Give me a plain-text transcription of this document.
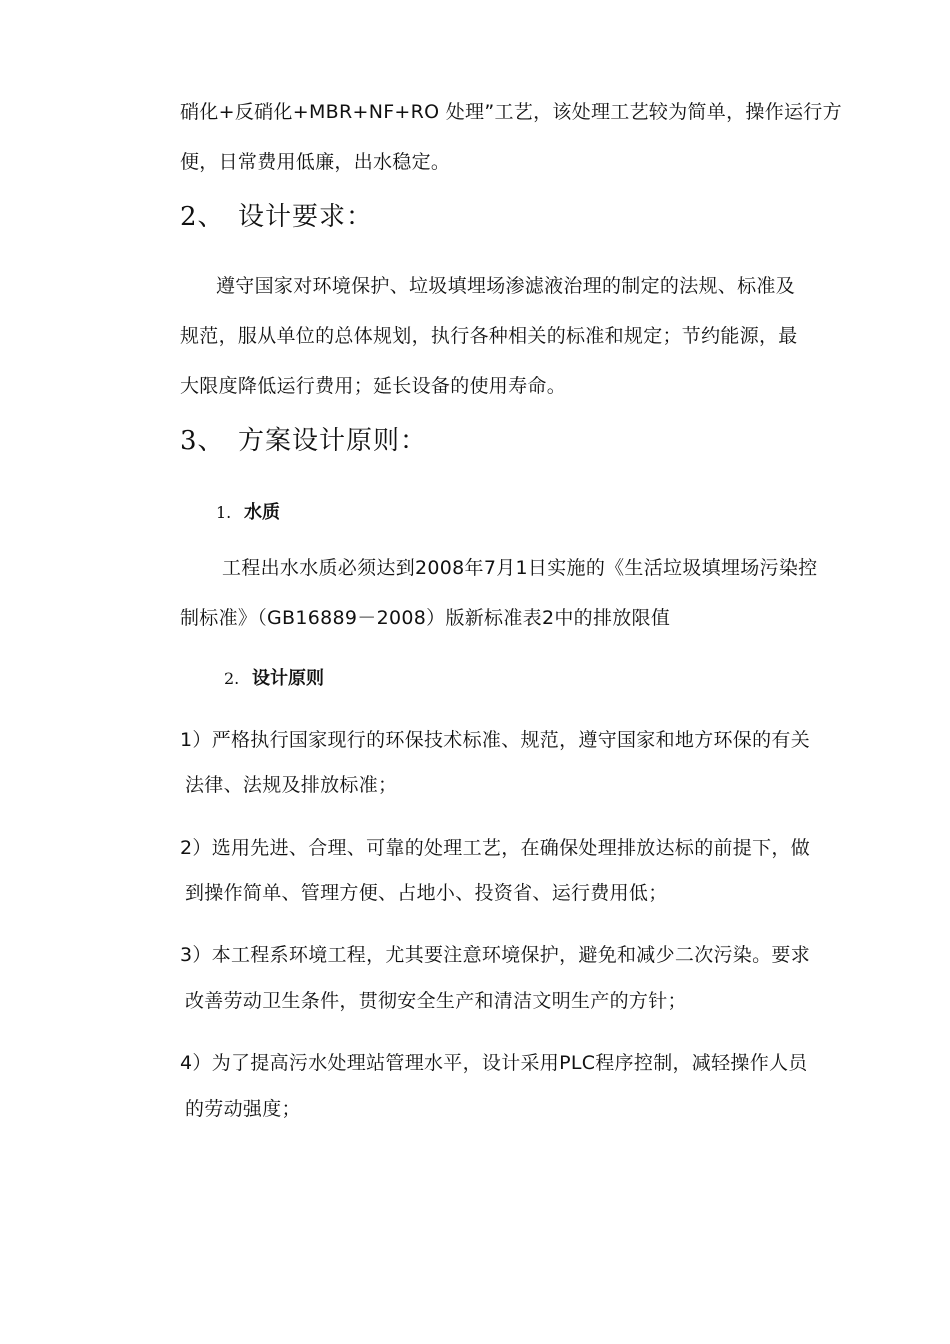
硝化+反硝化+MBR+NF+RO 处理”工艺，该处理工艺较为简单，操作运行方
便，日常费用低廉，出水稳定。
2、 设计要求：
遵守国家对环境保护、垃圾填埋场渗滤液治理的制定的法规、标准及
规范，服从单位的总体规划，执行各种相关的标准和规定；节约能源，最
大限度降低运行费用；延长设备的使用寿命。
3、 方案设计原则：
1. 水质
工程出水水质必须达到2008年7月1日实施的《生活垃圾填埋场污染控
制标准》（GB16889－2008）版新标准表2中的排放限值
2. 设计原则
1）严格执行国家现行的环保技术标准、规范，遵守国家和地方环保的有关
法律、法规及排放标准；
2）选用先进、合理、可靠的处理工艺，在确保处理排放达标的前提下，做
到操作简单、管理方便、占地小、投资省、运行费用低；
3）本工程系环境工程，尤其要注意环境保护，避免和减少二次污染。要求
改善劳动卫生条件，贯彻安全生产和清洁文明生产的方针；
4）为了提高污水处理站管理水平，设计采用PLC程序控制，减轻操作人员
的劳动强度；
